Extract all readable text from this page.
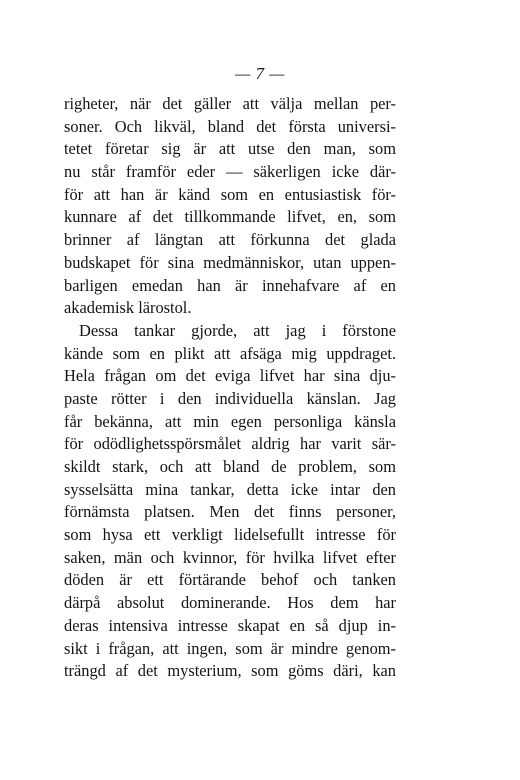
— 7 —
righeter, när det gäller att välja mellan per-
soner. Och likväl, bland det första universi-
tetet företar sig är att utse den man, som
nu står framför eder — säkerligen icke där-
för att han är känd som en entusiastisk för-
kunnare af det tillkommande lifvet, en, som
brinner af längtan att förkunna det glada
budskapet för sina medmänniskor, utan uppen-
barligen emedan han är innehafvare af en
akademisk lärostol.
Dessa tankar gjorde, att jag i förstone
kände som en plikt att afsäga mig uppdraget.
Hela frågan om det eviga lifvet har sina dju-
paste rötter i den individuella känslan. Jag
får bekänna, att min egen personliga känsla
för odödlighetsspörsmålet aldrig har varit sär-
skildt stark, och att bland de problem, som
sysselsätta mina tankar, detta icke intar den
förnämsta platsen. Men det finns personer,
som hysa ett verkligt lidelsefullt intresse för
saken, män och kvinnor, för hvilka lifvet efter
döden är ett förtärande behof och tanken
därpå absolut dominerande. Hos dem har
deras intensiva intresse skapat en så djup in-
sikt i frågan, att ingen, som är mindre genom-
trängd af det mysterium, som göms däri, kan
